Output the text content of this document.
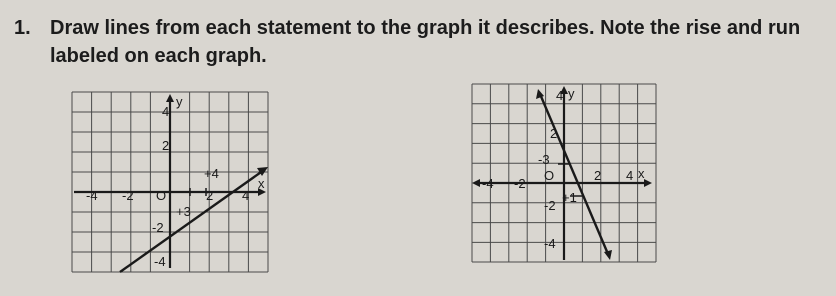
1. Draw lines from each statement to the graph it describes. Note the rise and run
labeled on each graph.
y
x
4
2
-4 -2 O	2 4
-2
-4
+4
+3
4 y
x
2
-4 -2
O	2 4
-2
-4
-3
+1
